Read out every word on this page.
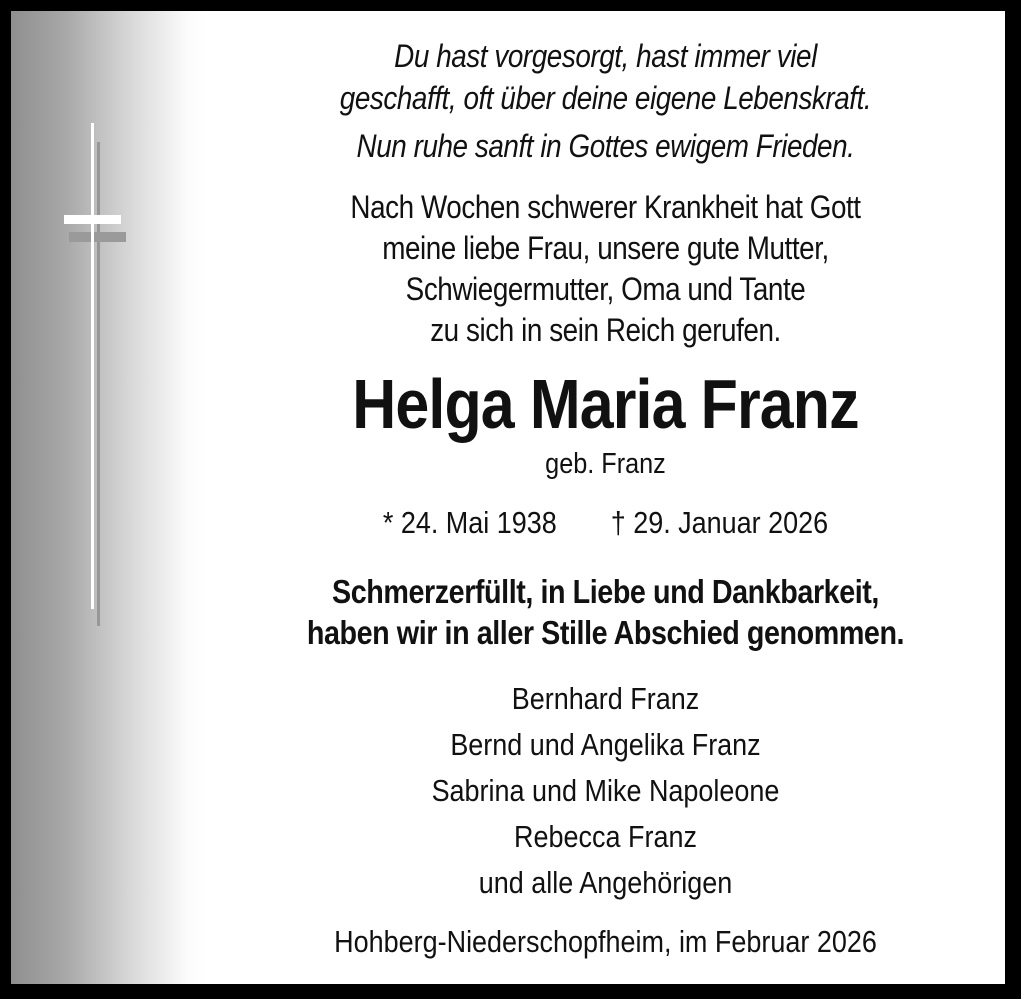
Du hast vorgesorgt, hast immer viel
geschafft, oft über deine eigene Lebenskraft.
Nun ruhe sanft in Gottes ewigem Frieden.
Nach Wochen schwerer Krankheit hat Gott
meine liebe Frau, unsere gute Mutter,
Schwiegermutter, Oma und Tante
zu sich in sein Reich gerufen.
Helga Maria Franz
geb. Franz
* 24. Mai 1938 † 29. Januar 2026
Schmerzerfüllt, in Liebe und Dankbarkeit,
haben wir in aller Stille Abschied genommen.
Bernhard Franz
Bernd und Angelika Franz
Sabrina und Mike Napoleone
Rebecca Franz
und alle Angehörigen
Hohberg-Niederschopfheim, im Februar 2026
